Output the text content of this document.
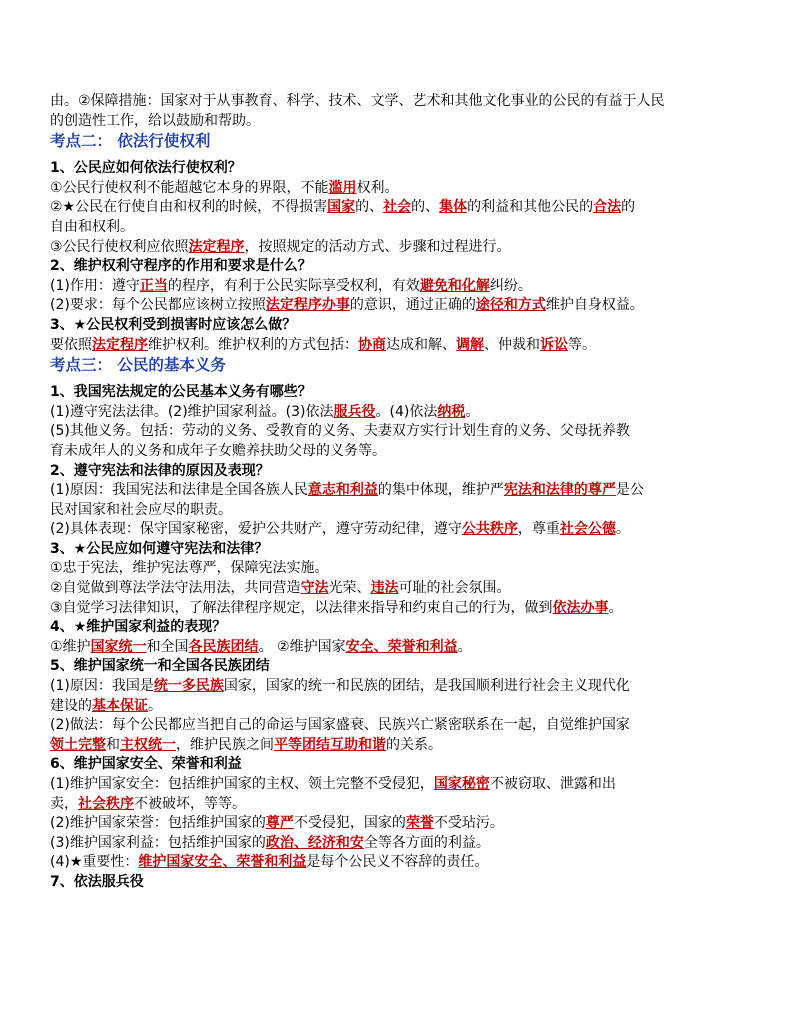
由。②保障措施：国家对于从事教育、科学、技术、文学、艺术和其他文化事业的公民的有益于人民
的创造性工作，给以鼓励和帮助。
考点二： 依法行使权利
1、公民应如何依法行使权利？
①公民行使权利不能超越它本身的界限，不能滥用权利。
②★公民在行使自由和权利的时候，不得损害国家的、社会的、集体的利益和其他公民的合法的
自由和权利。
③公民行使权利应依照法定程序，按照规定的活动方式、步骤和过程进行。
2、维护权利守程序的作用和要求是什么？
(1)作用：遵守正当的程序，有利于公民实际享受权利，有效避免和化解纠纷。
(2)要求：每个公民都应该树立按照法定程序办事的意识，通过正确的途径和方式维护自身权益。
3、★公民权利受到损害时应该怎么做？
要依照法定程序维护权利。维护权利的方式包括：协商达成和解、调解、仲裁和诉讼等。
考点三： 公民的基本义务
1、我国宪法规定的公民基本义务有哪些？
(1)遵守宪法法律。(2)维护国家利益。(3)依法服兵役。(4)依法纳税。
(5)其他义务。包括：劳动的义务、受教育的义务、夫妻双方实行计划生育的义务、父母抚养教
育未成年人的义务和成年子女赡养扶助父母的义务等。
2、遵守宪法和法律的原因及表现？
(1)原因：我国宪法和法律是全国各族人民意志和利益的集中体现，维护严宪法和法律的尊严是公
民对国家和社会应尽的职责。
(2)具体表现：保守国家秘密，爱护公共财产，遵守劳动纪律，遵守公共秩序，尊重社会公德。
3、★公民应如何遵守宪法和法律？
①忠于宪法，维护宪法尊严，保障宪法实施。
②自觉做到尊法学法守法用法，共同营造守法光荣、违法可耻的社会氛围。
③自觉学习法律知识，了解法律程序规定，以法律来指导和约束自己的行为，做到依法办事。
4、★维护国家利益的表现？
①维护国家统一和全国各民族团结。 ②维护国家安全、荣誉和利益。
5、维护国家统一和全国各民族团结
(1)原因：我国是统一多民族国家，国家的统一和民族的团结，是我国顺利进行社会主义现代化
建设的基本保证。
(2)做法：每个公民都应当把自己的命运与国家盛衰、民族兴亡紧密联系在一起，自觉维护国家
领土完整和主权统一，维护民族之间平等团结互助和谐的关系。
6、维护国家安全、荣誉和利益
(1)维护国家安全：包括维护国家的主权、领土完整不受侵犯，国家秘密不被窃取、泄露和出
卖，社会秩序不被破坏，等等。
(2)维护国家荣誉：包括维护国家的尊严不受侵犯，国家的荣誉不受玷污。
(3)维护国家利益：包括维护国家的政治、经济和安全等各方面的利益。
(4)★重要性：维护国家安全、荣誉和利益是每个公民义不容辞的责任。
7、依法服兵役
